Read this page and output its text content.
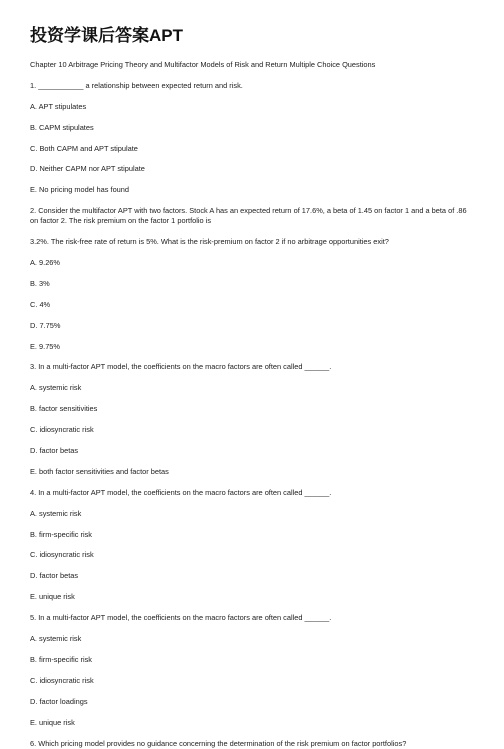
投资学课后答案APT

Chapter 10 Arbitrage Pricing Theory and Multifactor Models of Risk and Return Multiple Choice Questions

1. ___________ a relationship between expected return and risk.

A. APT stipulates

B. CAPM stipulates

C. Both CAPM and APT stipulate

D. Neither CAPM nor APT stipulate

E. No pricing model has found

2. Consider the multifactor APT with two factors. Stock A has an expected return of 17.6%, a beta of 1.45 on factor 1 and a beta of .86 on factor 2. The risk premium on the factor 1 portfolio is

3.2%. The risk-free rate of return is 5%. What is the risk-premium on factor 2 if no arbitrage opportunities exit?

A. 9.26%

B. 3%

C. 4%

D. 7.75%

E. 9.75%

3. In a multi-factor APT model, the coefficients on the macro factors are often called ______.

A. systemic risk

B. factor sensitivities

C. idiosyncratic risk

D. factor betas

E. both factor sensitivities and factor betas

4. In a multi-factor APT model, the coefficients on the macro factors are often called ______.

A. systemic risk

B. firm-specific risk

C. idiosyncratic risk

D. factor betas

E. unique risk

5. In a multi-factor APT model, the coefficients on the macro factors are often called ______.

A. systemic risk

B. firm-specific risk

C. idiosyncratic risk

D. factor loadings

E. unique risk

6. Which pricing model provides no guidance concerning the determination of the risk premium on factor portfolios?
